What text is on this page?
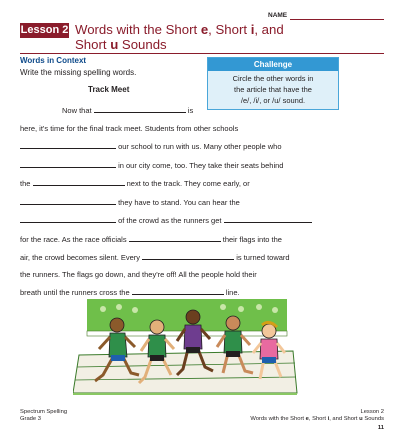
NAME
Lesson 2 Words with the Short e, Short i, and
Short u Sounds
Words in Context
Write the missing spelling words.
Track Meet
Challenge
Circle the other words in
the article that have the
/e/, /i/, or /u/ sound.
Now that	is
here, it's time for the final track meet. Students from other schools
our school to run with us. Many other people who
in our city come, too. They take their seats behind
the	next to the track. They come early, or
they have to stand. You can hear the
of the crowd as the runners get
for the race. As the race officials	their flags into the
air, the crowd becomes silent. Every	is turned toward
the runners. The flags go down, and they're off! All the people hold their
breath until the runners cross the	line.
Spectrum Spelling
Grade 3
Lesson 2
Words with the Short e, Short i, and Short u Sounds
11
